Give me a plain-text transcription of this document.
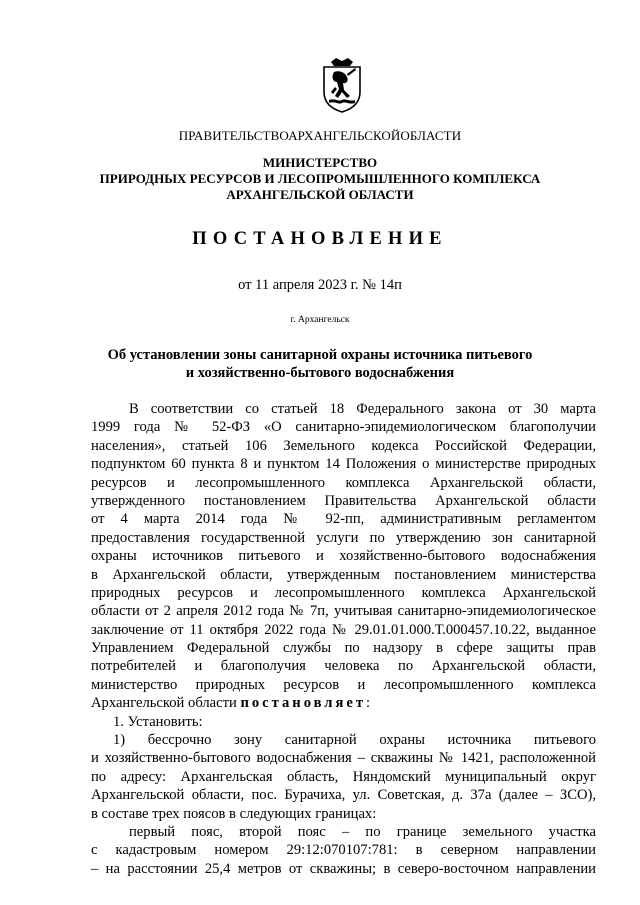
ПРАВИТЕЛЬСТВОАРХАНГЕЛЬСКОЙОБЛАСТИ
МИНИСТЕРСТВО
ПРИРОДНЫХ РЕСУРСОВ И ЛЕСОПРОМЫШЛЕННОГО КОМПЛЕКСА
АРХАНГЕЛЬСКОЙ ОБЛАСТИ
ПОСТАНОВЛЕНИЕ
от 11 апреля 2023 г. № 14п
г. Архангельск
Об установлении зоны санитарной охраны источника питьевого
и хозяйственно-бытового водоснабжения
В соответствии со статьей 18 Федерального закона от 30 марта
1999 года № 52-ФЗ «О санитарно-эпидемиологическом благополучии
населения», статьей 106 Земельного кодекса Российской Федерации,
подпунктом 60 пункта 8 и пунктом 14 Положения о министерстве природных
ресурсов и лесопромышленного комплекса Архангельской области,
утвержденного постановлением Правительства Архангельской области
от 4 марта 2014 года № 92-пп, административным регламентом
предоставления государственной услуги по утверждению зон санитарной
охраны источников питьевого и хозяйственно-бытового водоснабжения
в Архангельской области, утвержденным постановлением министерства
природных ресурсов и лесопромышленного комплекса Архангельской
области от 2 апреля 2012 года № 7п, учитывая санитарно-эпидемиологическое
заключение от 11 октября 2022 года № 29.01.01.000.Т.000457.10.22, выданное
Управлением Федеральной службы по надзору в сфере защиты прав
потребителей и благополучия человека по Архангельской области,
министерство природных ресурсов и лесопромышленного комплекса
Архангельской области постановляет:
1. Установить:
1) бессрочно зону санитарной охраны источника питьевого
и хозяйственно-бытового водоснабжения – скважины № 1421, расположенной
по адресу: Архангельская область, Няндомский муниципальный округ
Архангельской области, пос. Бурачиха, ул. Советская, д. 37а (далее – ЗСО),
в составе трех поясов в следующих границах:
первый пояс, второй пояс – по границе земельного участка
с кадастровым номером 29:12:070107:781: в северном направлении
– на расстоянии 25,4 метров от скважины; в северо-восточном направлении
